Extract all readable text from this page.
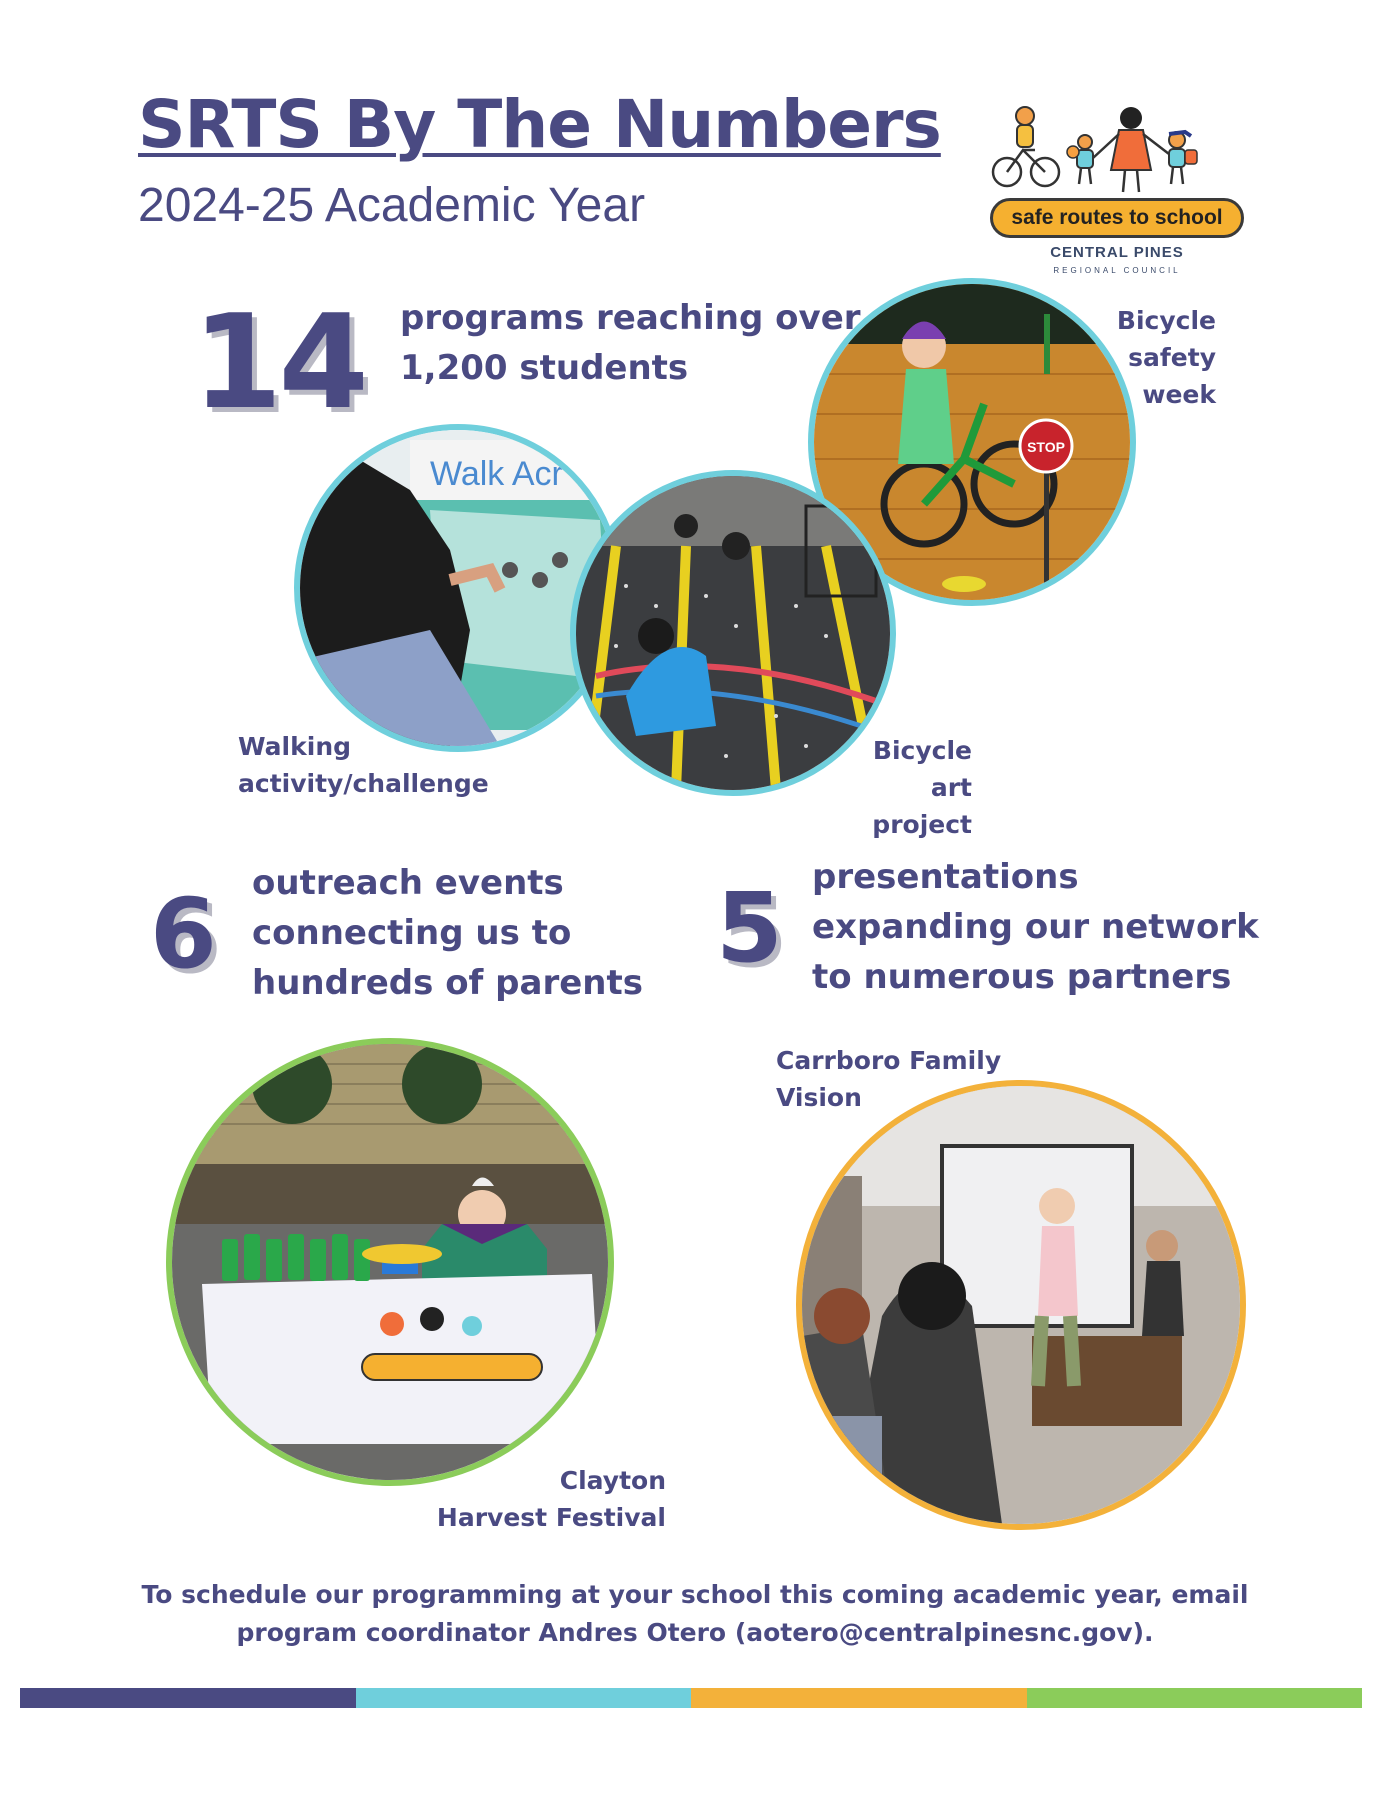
SRTS By The Numbers
2024-25 Academic Year	safe routes to school
CENTRAL PINES
REGIONAL COUNCIL
14 programs reaching over
1,200 students
STOP
Bicycle
safety
week
Walk Acr
Walking
activity/challenge
Bicycle
art project
6 outreach events
connecting us to
hundreds of parents 5 presentations
expanding our network
to numerous partners
Clayton
Harvest Festival
Carrboro Family
Vision
To schedule our programming at your school this coming academic year, email
program coordinator Andres Otero (aotero@centralpinesnc.gov).
